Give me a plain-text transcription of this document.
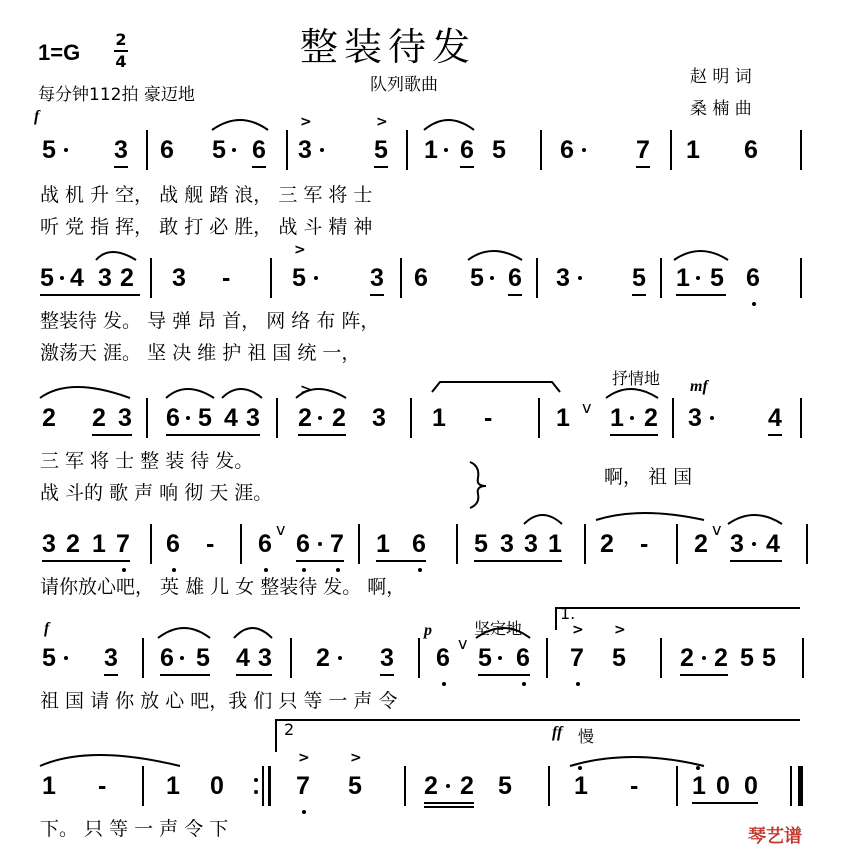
整装待发
队列歌曲
1=G
2
4
每分钟112拍 豪迈地
赵 明 词
桑 楠 曲
f
5 3 6 5 6
>
3
>
5 1 6 5 6 7 1 6
战 机 升 空， 战 舰 踏 浪， 三 军 将 士
听 党 指 挥， 敢 打 必 胜， 战 斗 精 神
5 4 3 2 3 -
>
5	3 6 5 6 3 5 1 5 6
整装待 发。 导 弹 昂 首， 网 络 布 阵，
激荡天 涯。 坚 决 维 护 祖 国 统 一，
抒情地 mf
2 2 3 6 5 4 3
>
2 2 3 1 -	1 v 1 2 3	4
三 军 将 士 整 装 待 发。
战 斗的 歌 声 响 彻 天 涯。
啊， 祖 国
3 2 1 7 6 - 6
v
6 7 1 6 5 3 3 1 2 - 2
v
3 4
请你放心吧， 英 雄 儿 女 整装待 发。 啊，
f	p	坚定地
1.
5 3 6 5 4 3 2 3 6
v
5 6
>
7
>
5 2 2 5 5
祖 国 请 你 放 心 吧，我 们 只 等 一 声 令
ff 慢
2
1 - 1 0
>
7
>
5 2 2 5 1 - 1 0 0
下。 只 等 一 声 令 下	琴艺谱
